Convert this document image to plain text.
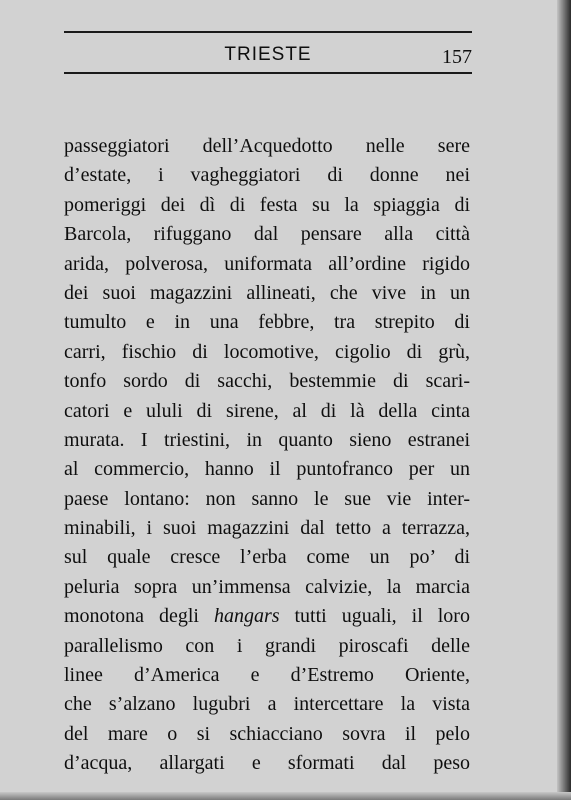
TRIESTE	157
passeggiatori dell’Acquedotto nelle sere
d’estate, i vagheggiatori di donne nei
pomeriggi dei dì di festa su la spiaggia di
Barcola, rifuggano dal pensare alla città
arida, polverosa, uniformata all’ordine rigido
dei suoi magazzini allineati, che vive in un
tumulto e in una febbre, tra strepito di
carri, fischio di locomotive, cigolio di grù,
tonfo sordo di sacchi, bestemmie di scari-
catori e ululi di sirene, al di là della cinta
murata. I triestini, in quanto sieno estranei
al commercio, hanno il puntofranco per un
paese lontano: non sanno le sue vie inter-
minabili, i suoi magazzini dal tetto a terrazza,
sul quale cresce l’erba come un po’ di
peluria sopra un’immensa calvizie, la marcia
monotona degli hangars tutti uguali, il loro
parallelismo con i grandi piroscafi delle
linee d’America e d’Estremo Oriente,
che s’alzano lugubri a intercettare la vista
del mare o si schiacciano sovra il pelo
d’acqua, allargati e sformati dal peso
